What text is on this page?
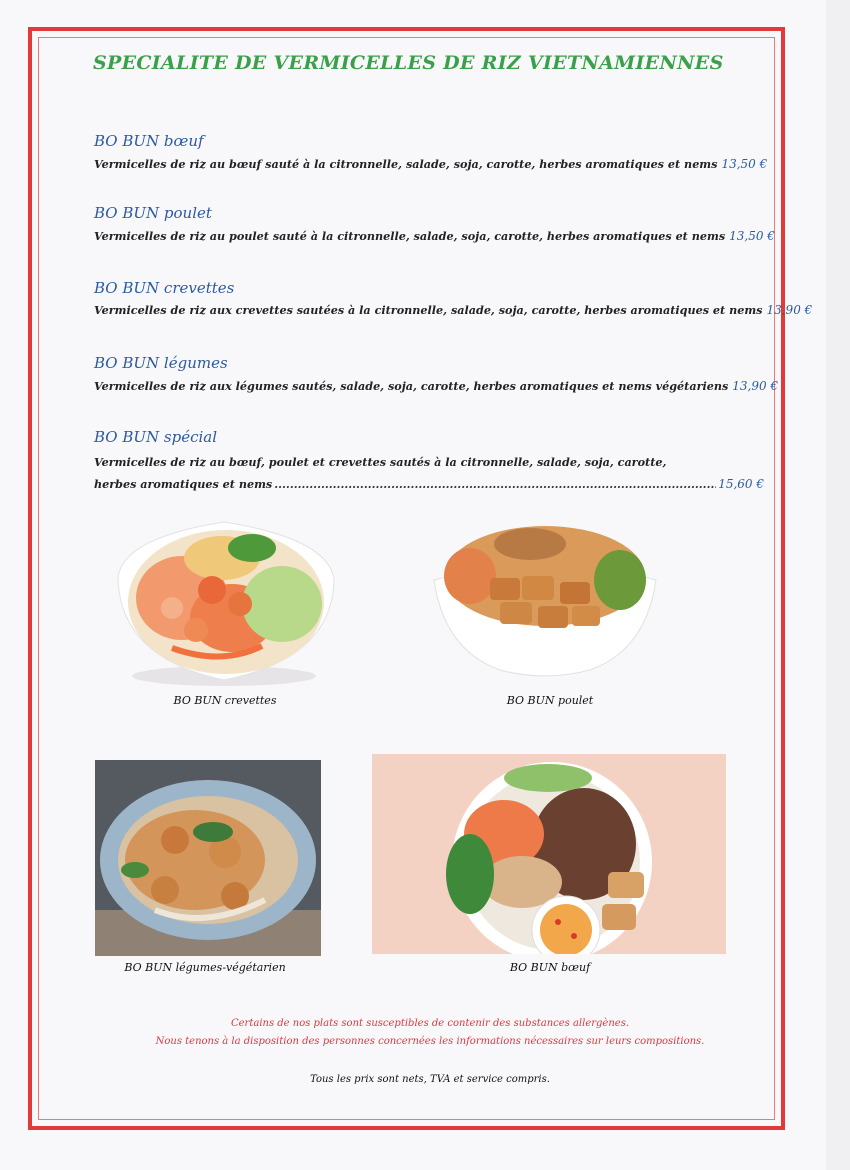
SPECIALITE DE VERMICELLES DE RIZ VIETNAMIENNES
BO BUN bœuf
Vermicelles de riz au bœuf sauté à la citronnelle, salade, soja, carotte, herbes aromatiques et nems 13,50 €
BO BUN poulet
Vermicelles de riz au poulet sauté à la citronnelle, salade, soja, carotte, herbes aromatiques et nems 13,50 €
BO BUN crevettes
Vermicelles de riz aux crevettes sautées à la citronnelle, salade, soja, carotte, herbes aromatiques et nems 13,90 €
BO BUN légumes
Vermicelles de riz aux légumes sautés, salade, soja, carotte, herbes aromatiques et nems végétariens 13,90 €
BO BUN spécial
Vermicelles de riz au bœuf, poulet et crevettes sautés à la citronnelle, salade, soja, carotte,
herbes aromatiques et nems
.....	15,60 €
BO BUN crevettes	BO BUN poulet
BO BUN légumes-végétarien	BO BUN bœuf
Certains de nos plats sont susceptibles de contenir des substances allergènes.
Nous tenons à la disposition des personnes concernées les informations nécessaires sur leurs compositions.
Tous les prix sont nets, TVA et service compris.
